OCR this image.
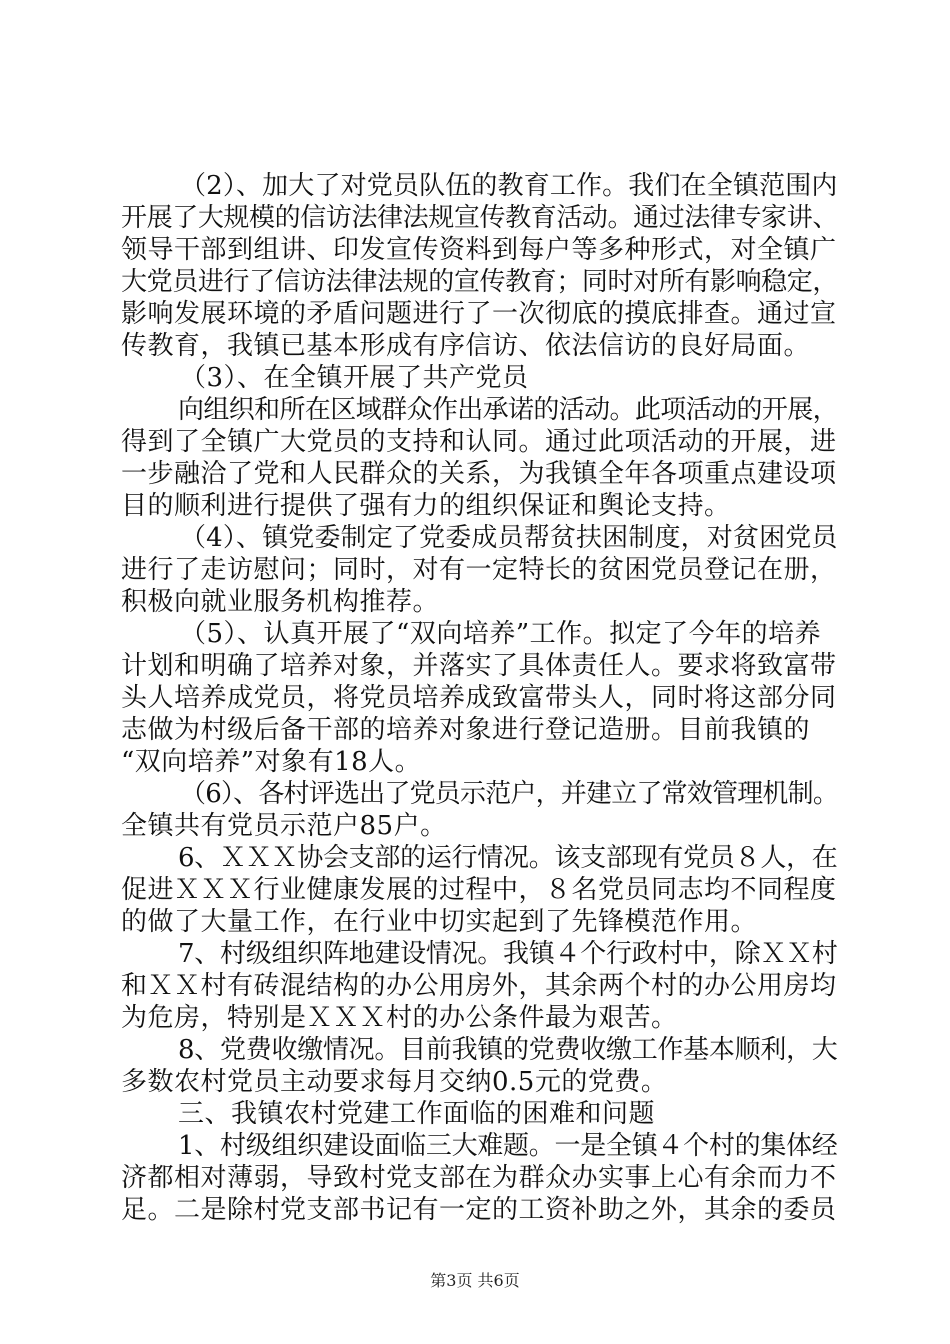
（2）、加大了对党员队伍的教育工作。我们在全镇范围内
开展了大规模的信访法律法规宣传教育活动。通过法律专家讲、
领导干部到组讲、印发宣传资料到每户等多种形式，对全镇广
大党员进行了信访法律法规的宣传教育；同时对所有影响稳定，
影响发展环境的矛盾问题进行了一次彻底的摸底排查。通过宣
传教育，我镇已基本形成有序信访、依法信访的良好局面。
（3）、在全镇开展了共产党员
向组织和所在区域群众作出承诺的活动。此项活动的开展，
得到了全镇广大党员的支持和认同。通过此项活动的开展，进
一步融洽了党和人民群众的关系，为我镇全年各项重点建设项
目的顺利进行提供了强有力的组织保证和舆论支持。
（4）、镇党委制定了党委成员帮贫扶困制度，对贫困党员
进行了走访慰问；同时，对有一定特长的贫困党员登记在册，
积极向就业服务机构推荐。
（5）、认真开展了“双向培养”工作。拟定了今年的培养
计划和明确了培养对象，并落实了具体责任人。要求将致富带
头人培养成党员，将党员培养成致富带头人，同时将这部分同
志做为村级后备干部的培养对象进行登记造册。目前我镇的
“双向培养”对象有18人。
（6）、各村评选出了党员示范户，并建立了常效管理机制。
全镇共有党员示范户85户。
6、ＸＸＸ协会支部的运行情况。该支部现有党员８人，在
促进ＸＸＸ行业健康发展的过程中，８名党员同志均不同程度
的做了大量工作，在行业中切实起到了先锋模范作用。
7、村级组织阵地建设情况。我镇４个行政村中，除ＸＸ村
和ＸＸ村有砖混结构的办公用房外，其余两个村的办公用房均
为危房，特别是ＸＸＸ村的办公条件最为艰苦。
8、党费收缴情况。目前我镇的党费收缴工作基本顺利，大
多数农村党员主动要求每月交纳0.5元的党费。
三、我镇农村党建工作面临的困难和问题
1、村级组织建设面临三大难题。一是全镇４个村的集体经
济都相对薄弱，导致村党支部在为群众办实事上心有余而力不
足。二是除村党支部书记有一定的工资补助之外，其余的委员
第3页 共6页
